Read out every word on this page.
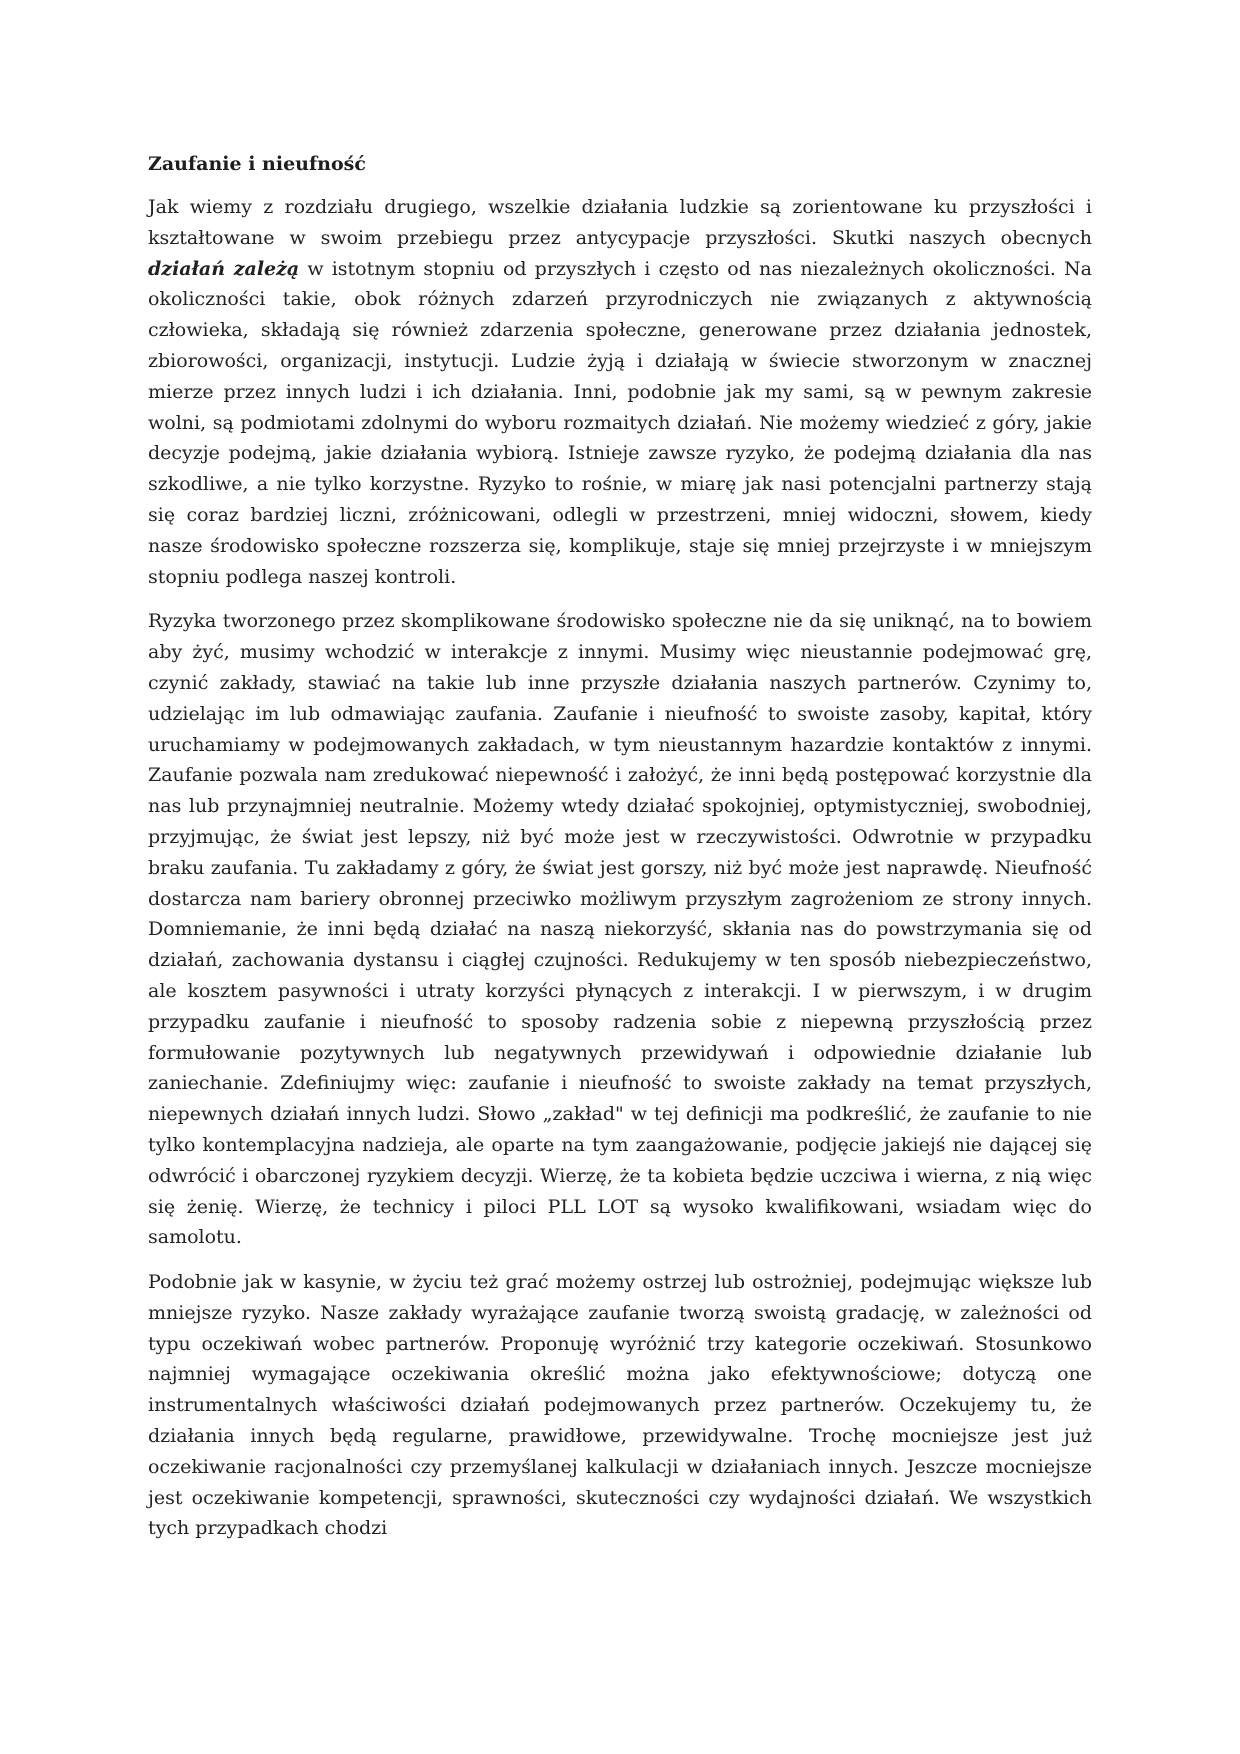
Zaufanie i nieufność

Jak wiemy z rozdziału drugiego, wszelkie działania ludzkie są zorientowane ku przyszłości i kształtowane w swoim przebiegu przez antycypacje przyszłości. Skutki naszych obecnych działań zależą w istotnym stopniu od przyszłych i często od nas niezależnych okoliczności. Na okoliczności takie, obok różnych zdarzeń przyrodniczych nie związanych z aktywnością człowieka, składają się również zdarzenia społeczne, generowane przez działania jednostek, zbiorowości, organizacji, instytucji. Ludzie żyją i działają w świecie stworzonym w znacznej mierze przez innych ludzi i ich działania. Inni, podobnie jak my sami, są w pewnym zakresie wolni, są podmiotami zdolnymi do wyboru rozmaitych działań. Nie możemy wiedzieć z góry, jakie decyzje podejmą, jakie działania wybiorą. Istnieje zawsze ryzyko, że podejmą działania dla nas szkodliwe, a nie tylko korzystne. Ryzyko to rośnie, w miarę jak nasi potencjalni partnerzy stają się coraz bardziej liczni, zróżnicowani, odlegli w przestrzeni, mniej widoczni, słowem, kiedy nasze środowisko społeczne rozszerza się, komplikuje, staje się mniej przejrzyste i w mniejszym stopniu podlega naszej kontroli.

Ryzyka tworzonego przez skomplikowane środowisko społeczne nie da się uniknąć, na to bowiem aby żyć, musimy wchodzić w interakcje z innymi. Musimy więc nieustannie podejmować grę, czynić zakłady, stawiać na takie lub inne przyszłe działania naszych partnerów. Czynimy to, udzielając im lub odmawiając zaufania. Zaufanie i nieufność to swoiste zasoby, kapitał, który uruchamiamy w podejmowanych zakładach, w tym nieustannym hazardzie kontaktów z innymi. Zaufanie pozwala nam zredukować niepewność i założyć, że inni będą postępować korzystnie dla nas lub przynajmniej neutralnie. Możemy wtedy działać spokojniej, optymistyczniej, swobodniej, przyjmując, że świat jest lepszy, niż być może jest w rzeczywistości. Odwrotnie w przypadku braku zaufania. Tu zakładamy z góry, że świat jest gorszy, niż być może jest naprawdę. Nieufność dostarcza nam bariery obronnej przeciwko możliwym przyszłym zagrożeniom ze strony innych. Domniemanie, że inni będą działać na naszą niekorzyść, skłania nas do powstrzymania się od działań, zachowania dystansu i ciągłej czujności. Redukujemy w ten sposób niebezpieczeństwo, ale kosztem pasywności i utraty korzyści płynących z interakcji. I w pierwszym, i w drugim przypadku zaufanie i nieufność to sposoby radzenia sobie z niepewną przyszłością przez formułowanie pozytywnych lub negatywnych przewidywań i odpowiednie działanie lub zaniechanie. Zdefiniujmy więc: zaufanie i nieufność to swoiste zakłady na temat przyszłych, niepewnych działań innych ludzi. Słowo „zakład" w tej definicji ma podkreślić, że zaufanie to nie tylko kontemplacyjna nadzieja, ale oparte na tym zaangażowanie, podjęcie jakiejś nie dającej się odwrócić i obarczonej ryzykiem decyzji. Wierzę, że ta kobieta będzie uczciwa i wierna, z nią więc się żenię. Wierzę, że technicy i piloci PLL LOT są wysoko kwalifikowani, wsiadam więc do samolotu.

Podobnie jak w kasynie, w życiu też grać możemy ostrzej lub ostrożniej, podejmując większe lub mniejsze ryzyko. Nasze zakłady wyrażające zaufanie tworzą swoistą gradację, w zależności od typu oczekiwań wobec partnerów. Proponuję wyróżnić trzy kategorie oczekiwań. Stosunkowo najmniej wymagające oczekiwania określić można jako efektywnościowe; dotyczą one instrumentalnych właściwości działań podejmowanych przez partnerów. Oczekujemy tu, że działania innych będą regularne, prawidłowe, przewidywalne. Trochę mocniejsze jest już oczekiwanie racjonalności czy przemyślanej kalkulacji w działaniach innych. Jeszcze mocniejsze jest oczekiwanie kompetencji, sprawności, skuteczności czy wydajności działań. We wszystkich tych przypadkach chodzi
